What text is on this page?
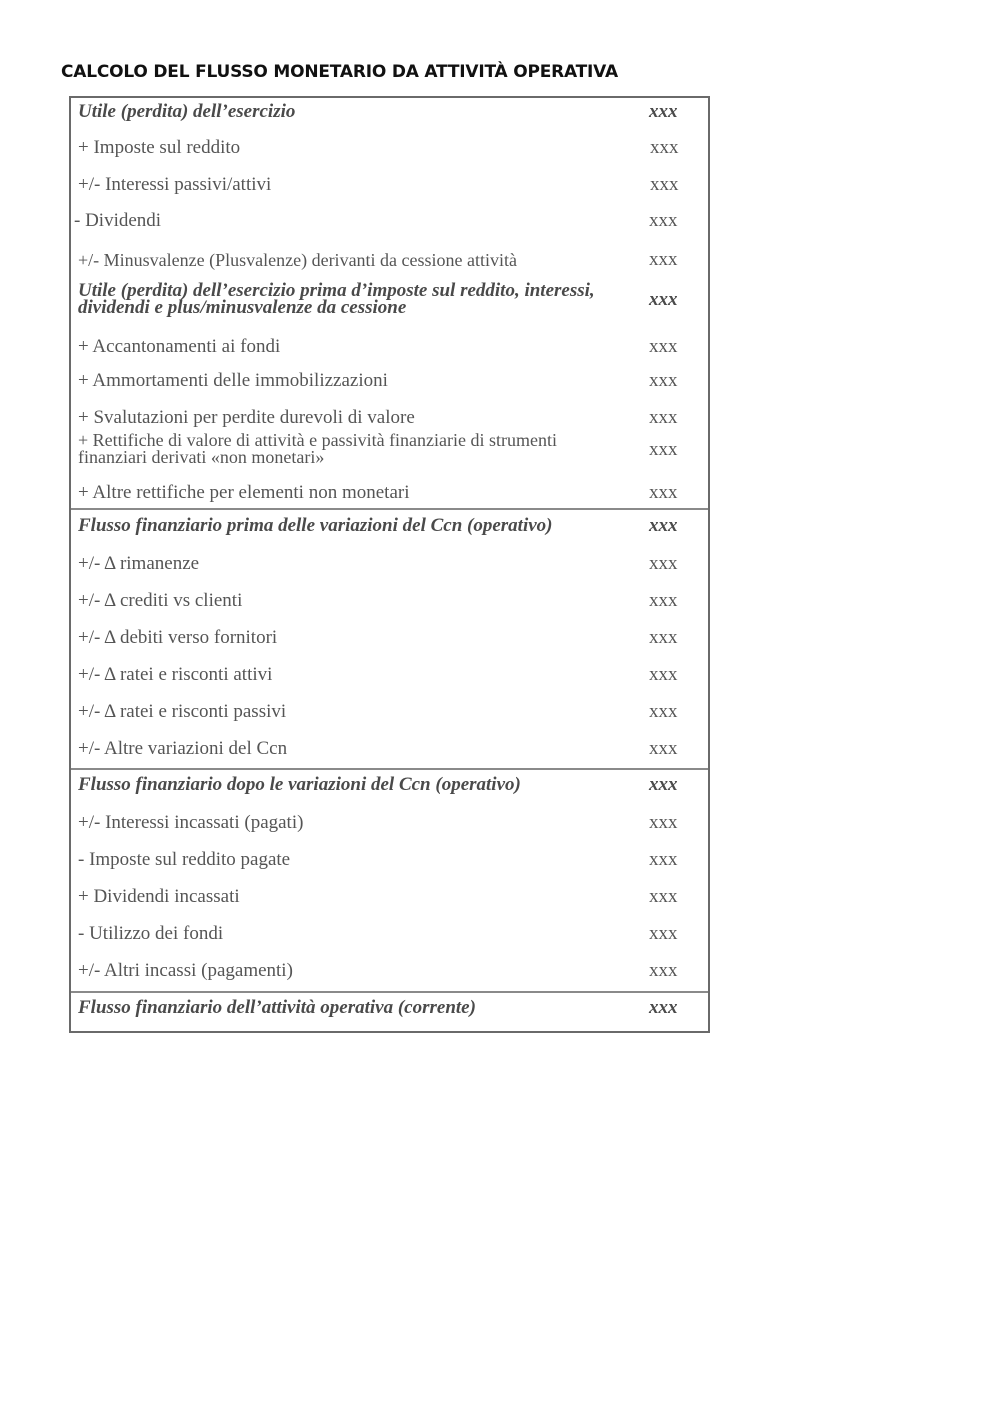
CALCOLO DEL FLUSSO MONETARIO DA ATTIVITÀ OPERATIVA
Utile (perdita) dell’esercizio	xxx
+ Imposte sul reddito	xxx
+/- Interessi passivi/attivi	xxx
- Dividendi	xxx
+/- Minusvalenze (Plusvalenze) derivanti da cessione attività	xxx
Utile (perdita) dell’esercizio prima d’imposte sul reddito, interessi, dividendi e plus/minusvalenze da cessione	xxx
+ Accantonamenti ai fondi	xxx
+ Ammortamenti delle immobilizzazioni	xxx
+ Svalutazioni per perdite durevoli di valore	xxx
+ Rettifiche di valore di attività e passività finanziarie di strumenti finanziari derivati «non monetari»	xxx
+ Altre rettifiche per elementi non monetari	xxx
Flusso finanziario prima delle variazioni del Ccn (operativo)	xxx
+/- Δ rimanenze	xxx
+/- Δ crediti vs clienti	xxx
+/- Δ debiti verso fornitori	xxx
+/- Δ ratei e risconti attivi	xxx
+/- Δ ratei e risconti passivi	xxx
+/- Altre variazioni del Ccn	xxx
Flusso finanziario dopo le variazioni del Ccn (operativo)	xxx
+/- Interessi incassati (pagati)	xxx
- Imposte sul reddito pagate	xxx
+ Dividendi incassati	xxx
- Utilizzo dei fondi	xxx
+/- Altri incassi (pagamenti)	xxx
Flusso finanziario dell’attività operativa (corrente)	xxx
